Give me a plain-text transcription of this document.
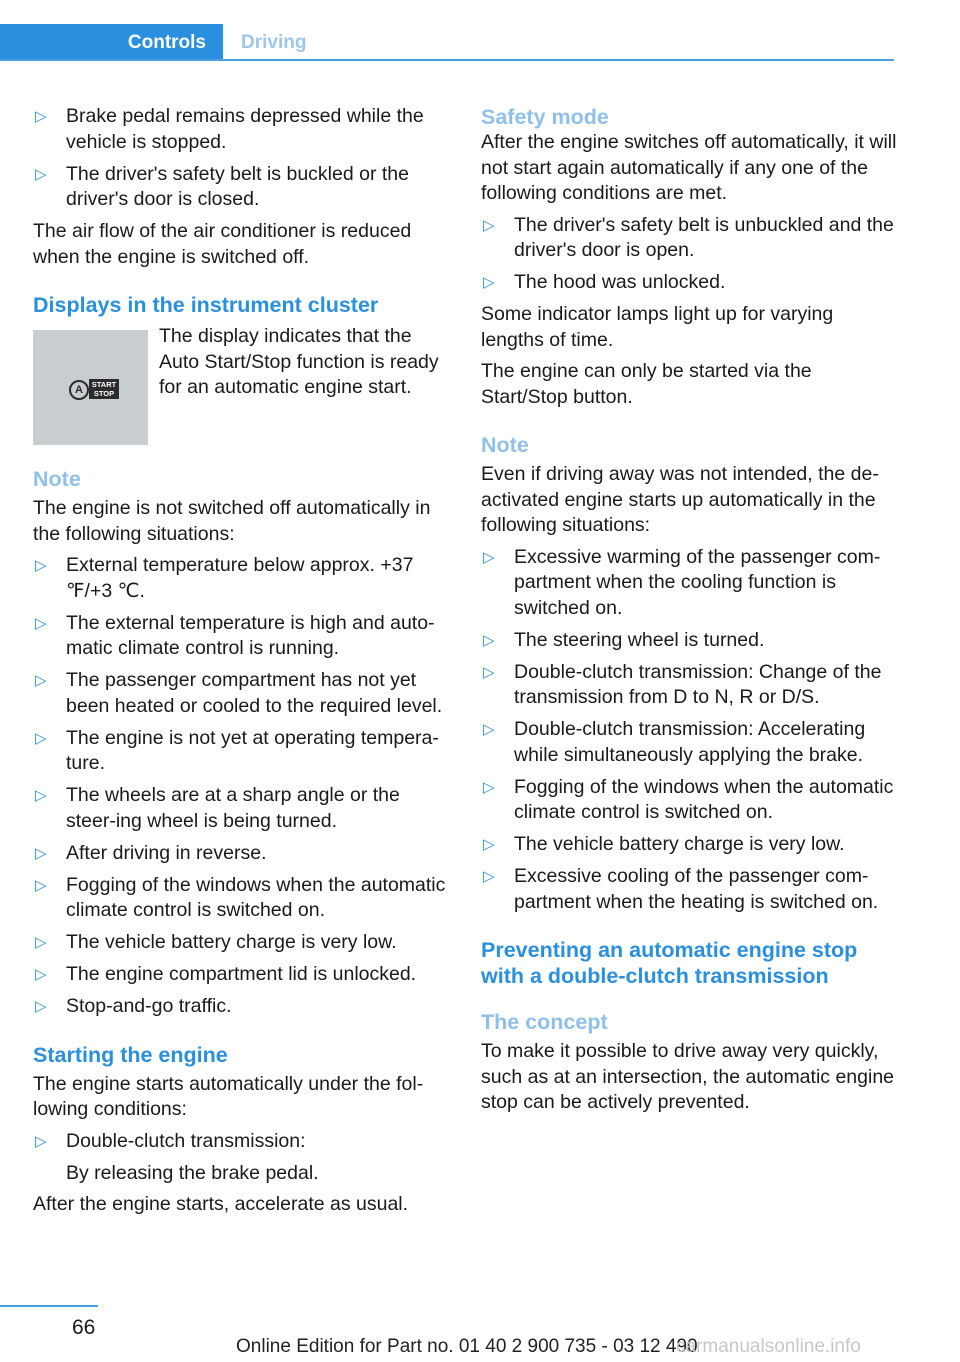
Controls	Driving
▷ Brake pedal remains depressed while the vehicle is stopped.
▷ The driver's safety belt is buckled or the driver's door is closed.

The air flow of the air conditioner is reduced when the engine is switched off.

Displays in the instrument cluster
A	START
STOP

The display indicates that the Auto Start/Stop function is ready for an automatic engine start.

Note

The engine is not switched off automatically in the following situations:

▷ External temperature below approx. +37 ℉/+3 ℃.
▷ The external temperature is high and auto-matic climate control is running.
▷ The passenger compartment has not yet been heated or cooled to the required level.
▷ The engine is not yet at operating tempera-ture.
▷ The wheels are at a sharp angle or the steer-ing wheel is being turned.
▷ After driving in reverse.
▷ Fogging of the windows when the automatic climate control is switched on.
▷ The vehicle battery charge is very low.
▷ The engine compartment lid is unlocked.
▷ Stop-and-go traffic.
Starting the engine

The engine starts automatically under the fol-lowing conditions:

▷ Double-clutch transmission:

By releasing the brake pedal.

After the engine starts, accelerate as usual.

Safety mode

After the engine switches off automatically, it will not start again automatically if any one of the following conditions are met.

▷ The driver's safety belt is unbuckled and the driver's door is open.
▷ The hood was unlocked.

Some indicator lamps light up for varying lengths of time.

The engine can only be started via the Start/Stop button.

Note

Even if driving away was not intended, the de-activated engine starts up automatically in the following situations:

▷ Excessive warming of the passenger com-partment when the cooling function is switched on.
▷ The steering wheel is turned.
▷ Double-clutch transmission: Change of the transmission from D to N, R or D/S.
▷ Double-clutch transmission: Accelerating while simultaneously applying the brake.
▷ Fogging of the windows when the automatic climate control is switched on.
▷ The vehicle battery charge is very low.
▷ Excessive cooling of the passenger com-partment when the heating is switched on.
Preventing an automatic engine stop with a double-clutch transmission
The concept

To make it possible to drive away very quickly, such as at an intersection, the automatic engine stop can be actively prevented.

66
Online Edition for Part no. 01 40 2 900 735 - 03 12 490
carmanualsonline.info
